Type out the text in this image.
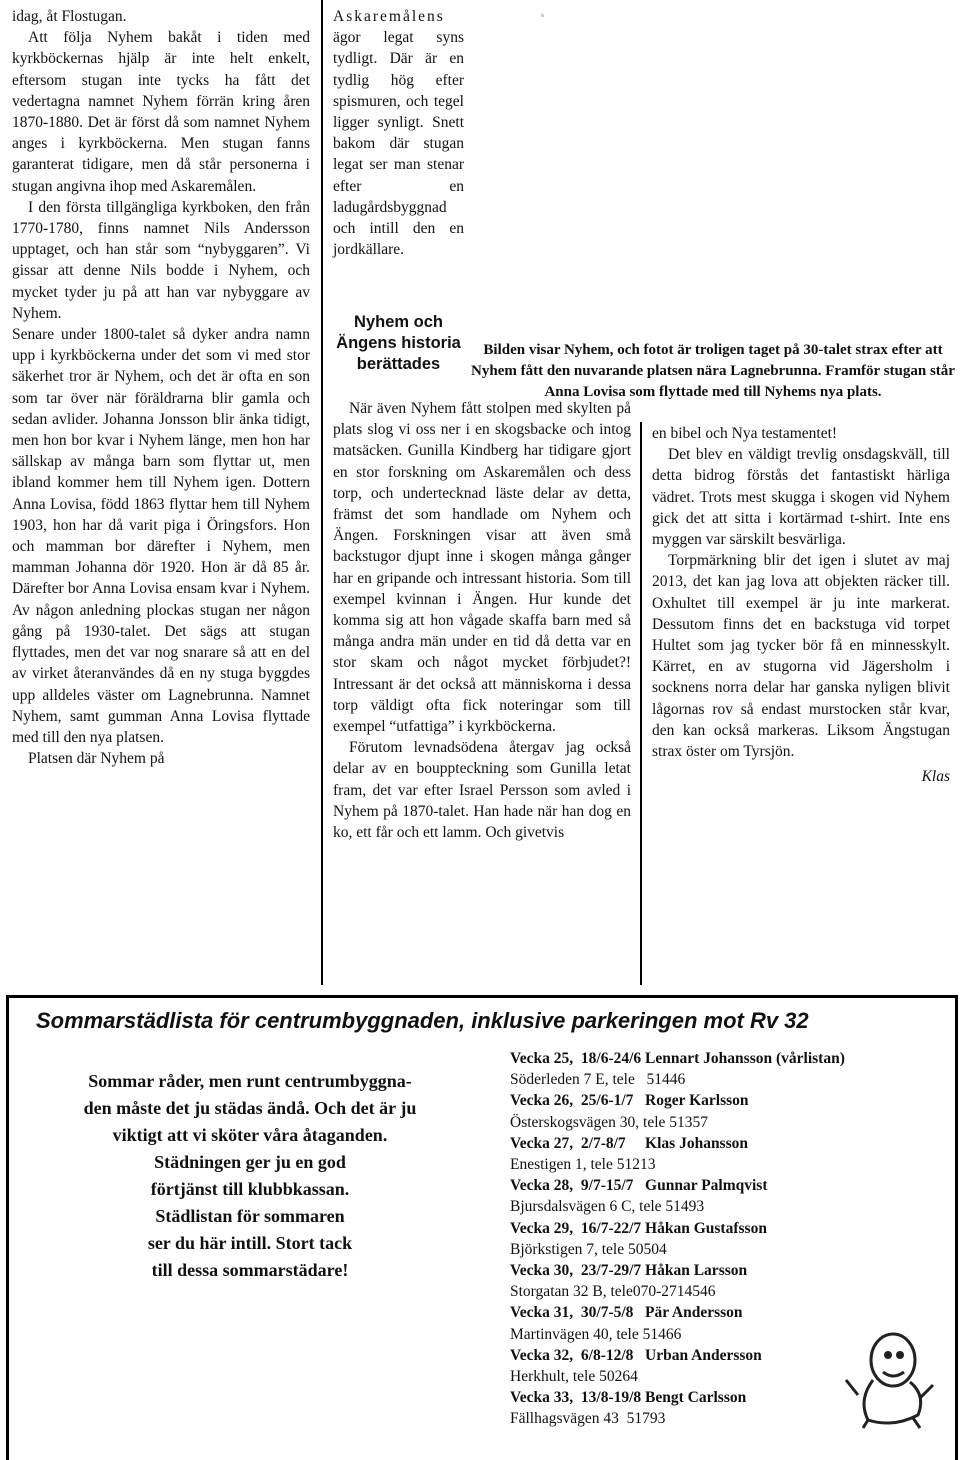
idag, åt Flostugan.

Att följa Nyhem bakåt i tiden med kyrkböckernas hjälp är inte helt enkelt, eftersom stugan inte tycks ha fått det vedertagna namnet Nyhem förrän kring åren 1870-1880. Det är först då som namnet Nyhem anges i kyrkböckerna. Men stugan fanns garanterat tidigare, men då står personerna i stugan angivna ihop med Askaremålen.

I den första tillgängliga kyrkboken, den från 1770-1780, finns namnet Nils Andersson upptaget, och han står som “nybyggaren”. Vi gissar att denne Nils bodde i Nyhem, och mycket tyder ju på att han var nybyggare av Nyhem.

Senare under 1800-talet så dyker andra namn upp i kyrkböckerna under det som vi med stor säkerhet tror är Nyhem, och det är ofta en son som tar över när föräldrarna blir gamla och sedan avlider. Johanna Jonsson blir änka tidigt, men hon bor kvar i Nyhem länge, men hon har sällskap av många barn som flyttar ut, men ibland kommer hem till Nyhem igen. Dottern Anna Lovisa, född 1863 flyttar hem till Nyhem 1903, hon har då varit piga i Öringsfors. Hon och mamman bor därefter i Nyhem, men mamman Johanna dör 1920. Hon är då 85 år. Därefter bor Anna Lovisa ensam kvar i Nyhem. Av någon anledning plockas stugan ner någon gång på 1930-talet. Det sägs att stugan flyttades, men det var nog snarare så att en del av virket återanvändes då en ny stuga byggdes upp alldeles väster om Lagnebrunna. Namnet Nyhem, samt gumman Anna Lovisa flyttade med till den nya platsen.

Platsen där Nyhem på

Askaremålens ägor legat syns tydligt. Där är en tydlig hög efter spismuren, och tegel ligger synligt. Snett bakom där stugan legat ser man stenar efter en ladugårdsbyggnad och intill den en jordkällare.

Nyhem och Ängens historia berättades
Bilden visar Nyhem, och fotot är troligen taget på 30-talet strax efter att Nyhem fått den nuvarande platsen nära Lagnebrunna. Framför stugan står Anna Lovisa som flyttade med till Nyhems nya plats.

När även Nyhem fått stolpen med skylten på plats slog vi oss ner i en skogsbacke och intog matsäcken. Gunilla Kindberg har tidigare gjort en stor forskning om Askaremålen och dess torp, och undertecknad läste delar av detta, främst det som handlade om Nyhem och Ängen. Forskningen visar att även små backstugor djupt inne i skogen många gånger har en gripande och intressant historia. Som till exempel kvinnan i Ängen. Hur kunde det komma sig att hon vågade skaffa barn med så många andra män under en tid då detta var en stor skam och något mycket förbjudet?! Intressant är det också att människorna i dessa torp väldigt ofta fick noteringar som till exempel “utfattiga” i kyrkböckerna.

Förutom levnadsödena återgav jag också delar av en bouppteckning som Gunilla letat fram, det var efter Israel Persson som avled i Nyhem på 1870-talet. Han hade när han dog en ko, ett får och ett lamm. Och givetvis

en bibel och Nya testamentet!

Det blev en väldigt trevlig onsdagskväll, till detta bidrog förstås det fantastiskt härliga vädret. Trots mest skugga i skogen vid Nyhem gick det att sitta i kortärmad t-shirt. Inte ens myggen var särskilt besvärliga.

Torpmärkning blir det igen i slutet av maj 2013, det kan jag lova att objekten räcker till. Oxhultet till exempel är ju inte markerat. Dessutom finns det en backstuga vid torpet Hultet som jag tycker bör få en minnesskylt. Kärret, en av stugorna vid Jägersholm i socknens norra delar har ganska nyligen blivit lågornas rov så endast murstocken står kvar, den kan också markeras. Liksom Ängstugan strax öster om Tyrsjön.

Klas

Sommarstädlista för centrumbyggnaden, inklusive parkeringen mot Rv 32
Sommar råder, men runt centrumbyggna-
den måste det ju städas ändå. Och det är ju
viktigt att vi sköter våra åtaganden.
Städningen ger ju en god
förtjänst till klubbkassan.
Städlistan för sommaren
ser du här intill. Stort tack
till dessa sommarstädare!
Vecka 25,  18/6-24/6 Lennart Johansson (vårlistan)
Söderleden 7 E, tele   51446
Vecka 26,  25/6-1/7   Roger Karlsson
Österskogsvägen 30, tele 51357
Vecka 27,  2/7-8/7     Klas Johansson
Enestigen 1, tele 51213
Vecka 28,  9/7-15/7   Gunnar Palmqvist
Bjursdalsvägen 6 C, tele 51493
Vecka 29,  16/7-22/7 Håkan Gustafsson
Björkstigen 7, tele 50504
Vecka 30,  23/7-29/7 Håkan Larsson
Storgatan 32 B, tele070-2714546
Vecka 31,  30/7-5/8   Pär Andersson
Martinvägen 40, tele 51466
Vecka 32,  6/8-12/8   Urban Andersson
Herkhult, tele 50264
Vecka 33,  13/8-19/8 Bengt Carlsson
Fällhagsvägen 43  51793
